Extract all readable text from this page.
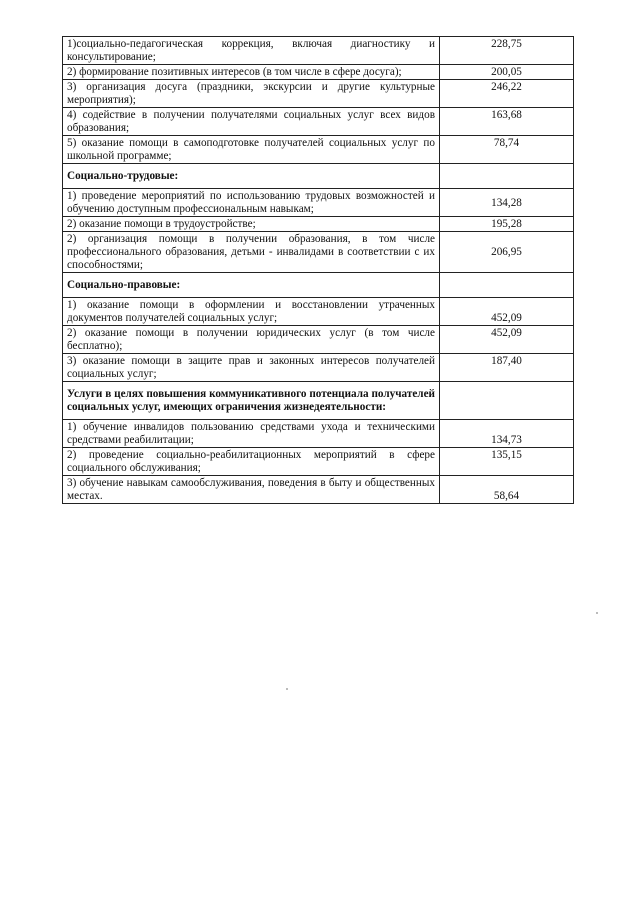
1)социально-педагогическая коррекция, включая диагностику и консультирование;	228,75
2) формирование позитивных интересов (в том числе в сфере досуга);	200,05
3) организация досуга (праздники, экскурсии и другие культурные мероприятия);	246,22
4) содействие в получении получателями социальных услуг всех видов образования;	163,68
5) оказание помощи в самоподготовке получателей социальных услуг по школьной программе;	78,74
Социально-трудовые:	
1) проведение мероприятий по использованию трудовых возможностей и обучению доступным профессиональным навыкам;	134,28
2) оказание помощи в трудоустройстве;	195,28
2) организация помощи в получении образования, в том числе профессионального образования, детьми - инвалидами в соответствии с их способностями;	206,95
Социально-правовые:	
1) оказание помощи в оформлении и восстановлении утраченных документов получателей социальных услуг;	452,09
2) оказание помощи в получении юридических услуг (в том числе бесплатно);	452,09
3) оказание помощи в защите прав и законных интересов получателей социальных услуг;	187,40
Услуги в целях повышения коммуникативного потенциала получателей социальных услуг, имеющих ограничения жизнедеятельности:	
1) обучение инвалидов пользованию средствами ухода и техническими средствами реабилитации;	134,73
2) проведение социально-реабилитационных мероприятий в сфере социального обслуживания;	135,15
3) обучение навыкам самообслуживания, поведения в быту и общественных местах.	58,64
